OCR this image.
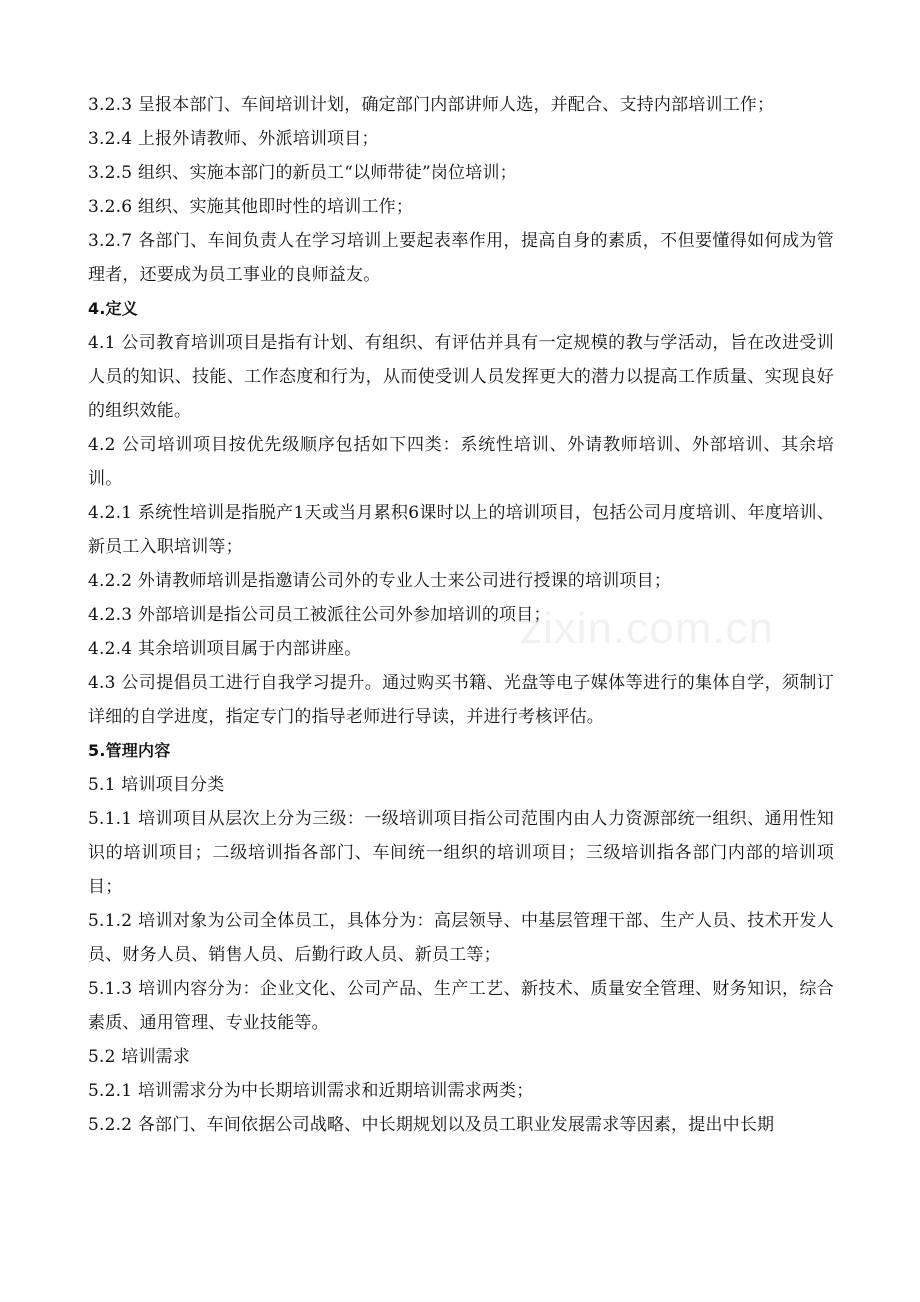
3.2.3 呈报本部门、车间培训计划，确定部门内部讲师人选，并配合、支持内部培训工作；

3.2.4 上报外请教师、外派培训项目；

3.2.5 组织、实施本部门的新员工“以师带徒”岗位培训；

3.2.6 组织、实施其他即时性的培训工作；

3.2.7 各部门、车间负责人在学习培训上要起表率作用，提高自身的素质，不但要懂得如何成为管理者，还要成为员工事业的良师益友。

4.定义

4.1 公司教育培训项目是指有计划、有组织、有评估并具有一定规模的教与学活动，旨在改进受训人员的知识、技能、工作态度和行为，从而使受训人员发挥更大的潜力以提高工作质量、实现良好的组织效能。

4.2 公司培训项目按优先级顺序包括如下四类：系统性培训、外请教师培训、外部培训、其余培训。

4.2.1 系统性培训是指脱产1天或当月累积6课时以上的培训项目，包括公司月度培训、年度培训、新员工入职培训等；

4.2.2 外请教师培训是指邀请公司外的专业人士来公司进行授课的培训项目；

4.2.3 外部培训是指公司员工被派往公司外参加培训的项目；

4.2.4 其余培训项目属于内部讲座。

4.3 公司提倡员工进行自我学习提升。通过购买书籍、光盘等电子媒体等进行的集体自学，须制订详细的自学进度，指定专门的指导老师进行导读，并进行考核评估。

5.管理内容

5.1 培训项目分类

5.1.1 培训项目从层次上分为三级：一级培训项目指公司范围内由人力资源部统一组织、通用性知识的培训项目；二级培训指各部门、车间统一组织的培训项目；三级培训指各部门内部的培训项目；

5.1.2 培训对象为公司全体员工，具体分为：高层领导、中基层管理干部、生产人员、技术开发人员、财务人员、销售人员、后勤行政人员、新员工等；

5.1.3 培训内容分为：企业文化、公司产品、生产工艺、新技术、质量安全管理、财务知识，综合素质、通用管理、专业技能等。

5.2 培训需求

5.2.1 培训需求分为中长期培训需求和近期培训需求两类；

5.2.2 各部门、车间依据公司战略、中长期规划以及员工职业发展需求等因素，提出中长期

zixin.com.cn
